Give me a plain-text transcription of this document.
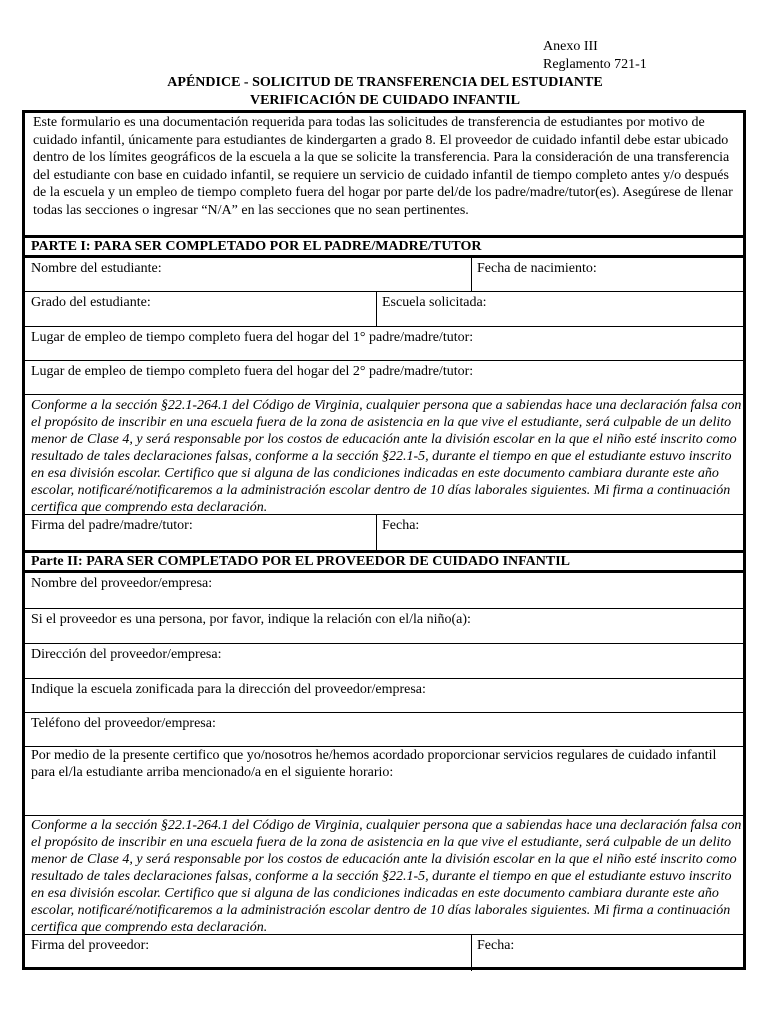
Anexo III
Reglamento 721-1
APÉNDICE - SOLICITUD DE TRANSFERENCIA DEL ESTUDIANTE
VERIFICACIÓN DE CUIDADO INFANTIL
Este formulario es una documentación requerida para todas las solicitudes de transferencia de estudiantes por motivo de cuidado infantil, únicamente para estudiantes de kindergarten a grado 8. El proveedor de cuidado infantil debe estar ubicado dentro de los límites geográficos de la escuela a la que se solicite la transferencia. Para la consideración de una transferencia del estudiante con base en cuidado infantil, se requiere un servicio de cuidado infantil de tiempo completo antes y/o después de la escuela y un empleo de tiempo completo fuera del hogar por parte del/de los padre/madre/tutor(es). Asegúrese de llenar todas las secciones o ingresar “N/A” en las secciones que no sean pertinentes.
PARTE I: PARA SER COMPLETADO POR EL PADRE/MADRE/TUTOR
Nombre del estudiante:	Fecha de nacimiento:
Grado del estudiante:	Escuela solicitada:
Lugar de empleo de tiempo completo fuera del hogar del 1° padre/madre/tutor:
Lugar de empleo de tiempo completo fuera del hogar del 2° padre/madre/tutor:
Conforme a la sección §22.1-264.1 del Código de Virginia, cualquier persona que a sabiendas hace una declaración falsa con el propósito de inscribir en una escuela fuera de la zona de asistencia en la que vive el estudiante, será culpable de un delito menor de Clase 4, y será responsable por los costos de educación ante la división escolar en la que el niño esté inscrito como resultado de tales declaraciones falsas, conforme a la sección §22.1-5, durante el tiempo en que el estudiante estuvo inscrito en esa división escolar. Certifico que si alguna de las condiciones indicadas en este documento cambiara durante este año escolar, notificaré/notificaremos a la administración escolar dentro de 10 días laborales siguientes. Mi firma a continuación certifica que comprendo esta declaración.
Firma del padre/madre/tutor:	Fecha:
Parte II: PARA SER COMPLETADO POR EL PROVEEDOR DE CUIDADO INFANTIL
Nombre del proveedor/empresa:
Si el proveedor es una persona, por favor, indique la relación con el/la niño(a):
Dirección del proveedor/empresa:
Indique la escuela zonificada para la dirección del proveedor/empresa:
Teléfono del proveedor/empresa:
Por medio de la presente certifico que yo/nosotros he/hemos acordado proporcionar servicios regulares de cuidado infantil para el/la estudiante arriba mencionado/a en el siguiente horario:
Conforme a la sección §22.1-264.1 del Código de Virginia, cualquier persona que a sabiendas hace una declaración falsa con el propósito de inscribir en una escuela fuera de la zona de asistencia en la que vive el estudiante, será culpable de un delito menor de Clase 4, y será responsable por los costos de educación ante la división escolar en la que el niño esté inscrito como resultado de tales declaraciones falsas, conforme a la sección §22.1-5, durante el tiempo en que el estudiante estuvo inscrito en esa división escolar. Certifico que si alguna de las condiciones indicadas en este documento cambiara durante este año escolar, notificaré/notificaremos a la administración escolar dentro de 10 días laborales siguientes. Mi firma a continuación certifica que comprendo esta declaración.
Firma del proveedor:	Fecha:
